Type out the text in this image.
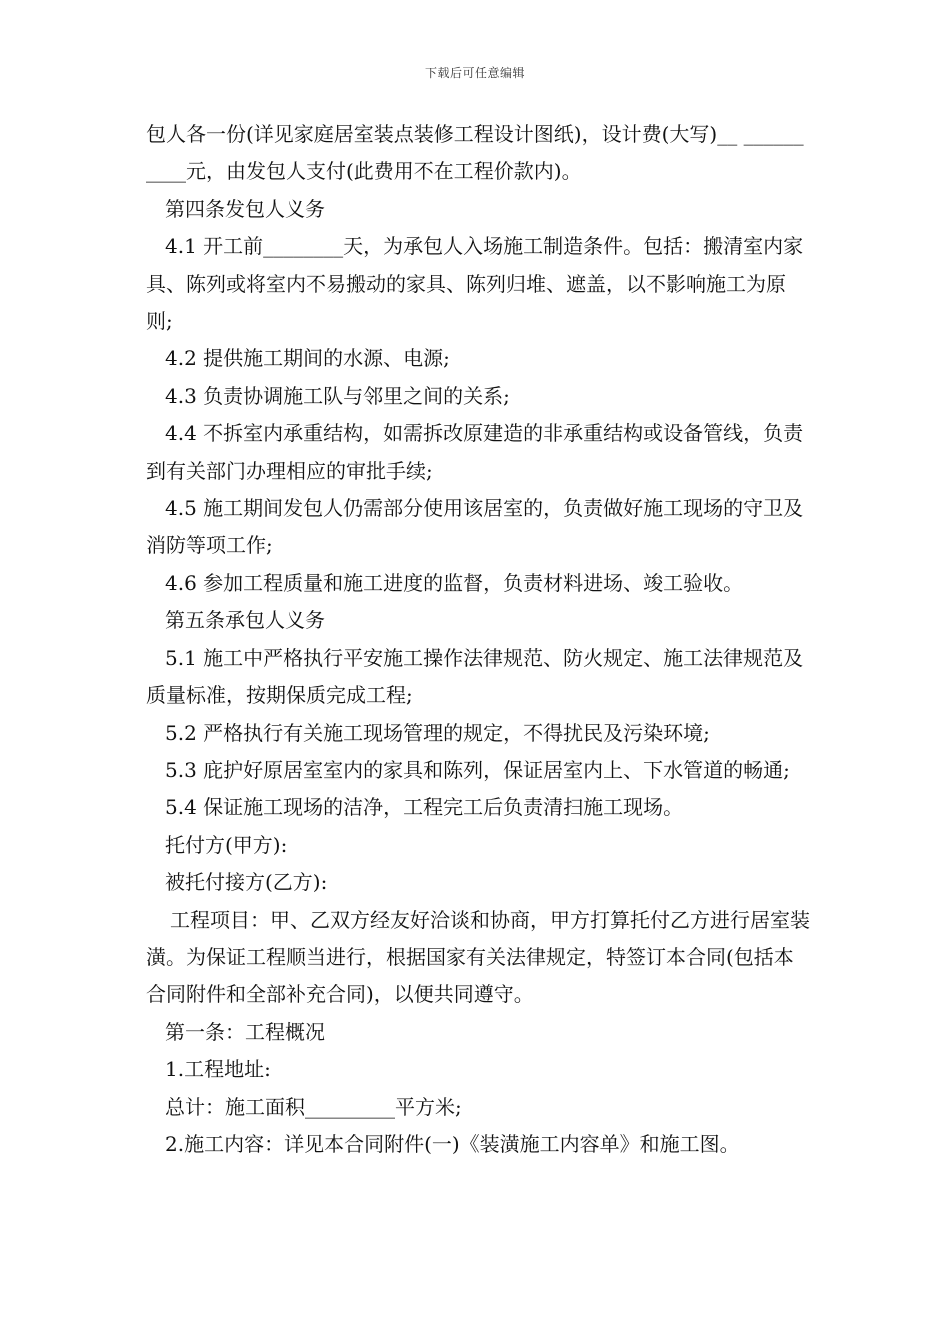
下载后可任意编辑

包人各一份(详见家庭居室装点装修工程设计图纸)，设计费(大写)__ __________元，由发包人支付(此费用不在工程价款内)。

第四条发包人义务

4.1 开工前________天，为承包人入场施工制造条件。包括：搬清室内家具、陈列或将室内不易搬动的家具、陈列归堆、遮盖，以不影响施工为原则;

4.2 提供施工期间的水源、电源;

4.3 负责协调施工队与邻里之间的关系;

4.4 不拆室内承重结构，如需拆改原建造的非承重结构或设备管线，负责到有关部门办理相应的审批手续;

4.5 施工期间发包人仍需部分使用该居室的，负责做好施工现场的守卫及消防等项工作;

4.6 参加工程质量和施工进度的监督，负责材料进场、竣工验收。

第五条承包人义务

5.1 施工中严格执行平安施工操作法律规范、防火规定、施工法律规范及质量标准，按期保质完成工程;

5.2 严格执行有关施工现场管理的规定，不得扰民及污染环境;

5.3 庇护好原居室室内的家具和陈列，保证居室内上、下水管道的畅通;

5.4 保证施工现场的洁净，工程完工后负责清扫施工现场。

托付方(甲方):

被托付接方(乙方):

工程项目：甲、乙双方经友好洽谈和协商，甲方打算托付乙方进行居室装潢。为保证工程顺当进行，根据国家有关法律规定，特签订本合同(包括本合同附件和全部补充合同)，以便共同遵守。

第一条：工程概况

1.工程地址:

总计：施工面积_________平方米;

2.施工内容：详见本合同附件(一)《装潢施工内容单》和施工图。
